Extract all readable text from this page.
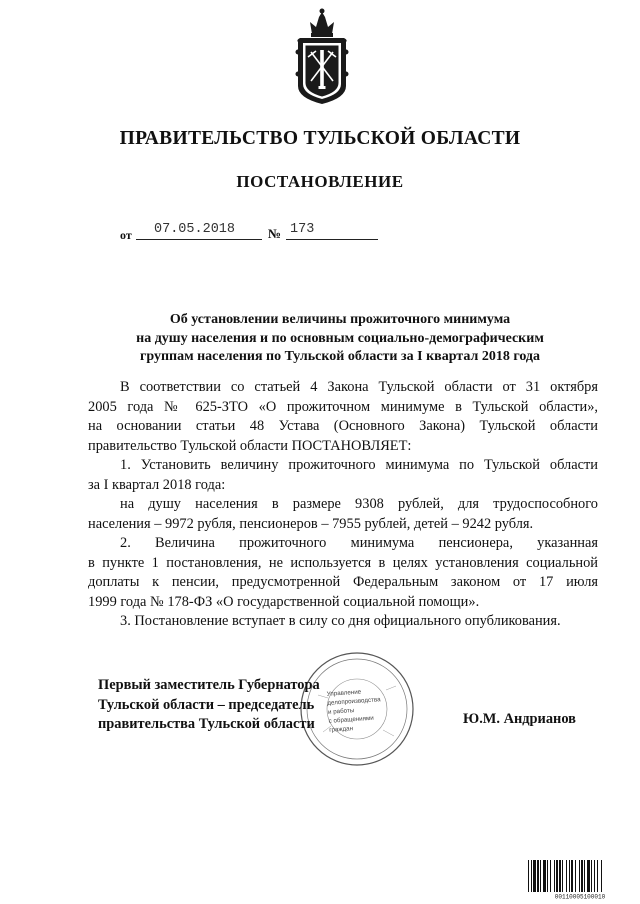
ПРАВИТЕЛЬСТВО ТУЛЬСКОЙ ОБЛАСТИ
ПОСТАНОВЛЕНИЕ
от 07.05.2018	№ 173
Об установлении величины прожиточного минимума
на душу населения и по основным социально-демографическим
группам населения по Тульской области за I квартал 2018 года

В соответствии со статьей 4 Закона Тульской области от 31 октября

2005 года № 625-ЗТО «О прожиточном минимуме в Тульской области»,

на основании статьи 48 Устава (Основного Закона) Тульской области

правительство Тульской области ПОСТАНОВЛЯЕТ:

1. Установить величину прожиточного минимума по Тульской области

за I квартал 2018 года:

на душу населения в размере 9308 рублей, для трудоспособного

населения – 9972 рубля, пенсионеров – 7955 рублей, детей – 9242 рубля.

2. Величина прожиточного минимума пенсионера, указанная

в пункте 1 постановления, не используется в целях установления социальной

доплаты к пенсии, предусмотренной Федеральным законом от 17 июля

1999 года № 178-ФЗ «О государственной социальной помощи».

3. Постановление вступает в силу со дня официального опубликования.

Управление
делопроизводства
и работы
с обращениями
граждан
Первый заместитель Губернатора
Тульской области – председатель
правительства Тульской области	Ю.М. Андрианов
00110005100010
